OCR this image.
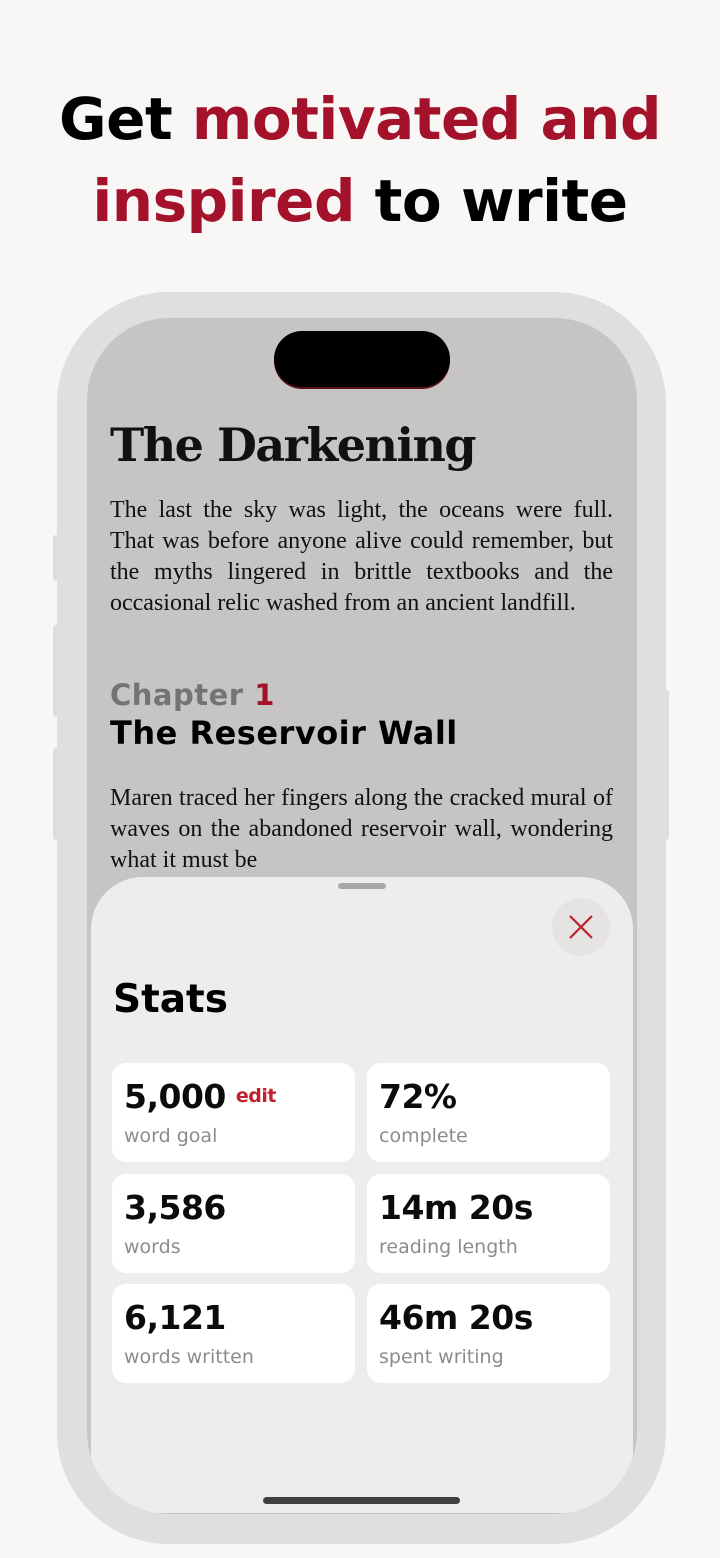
Get motivated and
inspired to write
The Darkening
The last the sky was light, the oceans were full. That was before anyone alive could remember, but the myths lingered in brittle textbooks and the occasional relic washed from an ancient landfill.
Chapter 1
The Reservoir Wall
Maren traced her fingers along the cracked mural of waves on the abandoned reservoir wall, wondering what it must be
Stats
5,000 edit
word goal
72%
complete
3,586
words
14m 20s
reading length
6,121
words written
46m 20s
spent writing
